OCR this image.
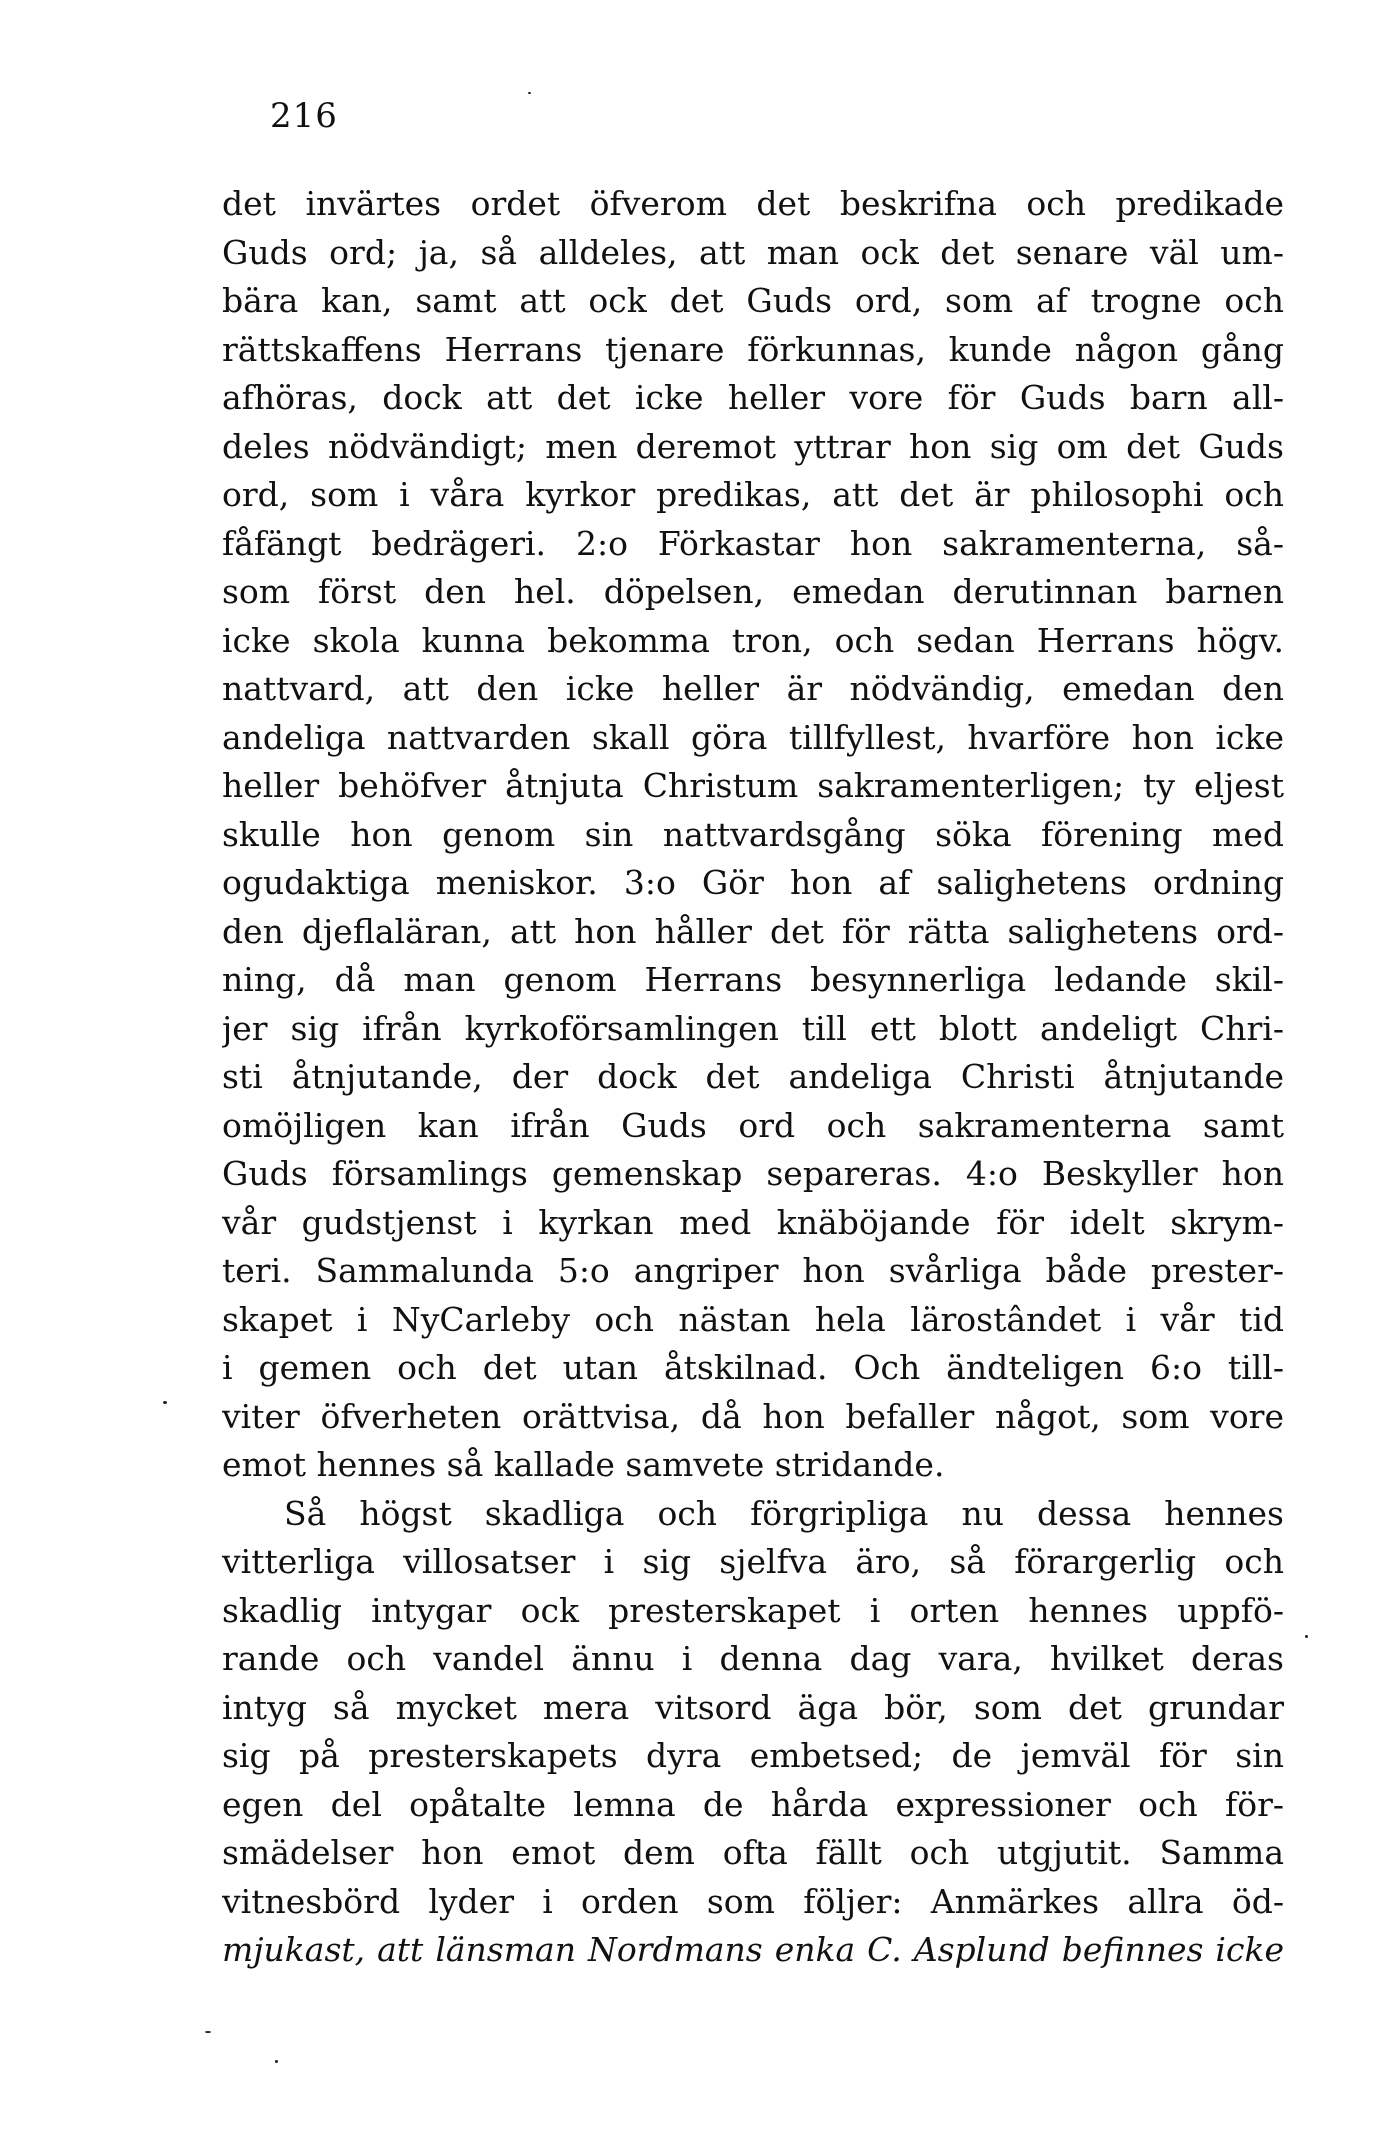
216
det invärtes ordet öfverom det beskrifna och predikade
Guds ord; ja, så alldeles, att man ock det senare väl um-
bära kan, samt att ock det Guds ord, som af trogne och
rättskaffens Herrans tjenare förkunnas, kunde någon gång
afhöras, dock att det icke heller vore för Guds barn all-
deles nödvändigt; men deremot yttrar hon sig om det Guds
ord, som i våra kyrkor predikas, att det är philosophi och
fåfängt bedrägeri. 2:o Förkastar hon sakramenterna, så-
som först den hel. döpelsen, emedan derutinnan barnen
icke skola kunna bekomma tron, och sedan Herrans högv.
nattvard, att den icke heller är nödvändig, emedan den
andeliga nattvarden skall göra tillfyllest, hvarföre hon icke
heller behöfver åtnjuta Christum sakramenterligen; ty eljest
skulle hon genom sin nattvardsgång söka förening med
ogudaktiga meniskor. 3:o Gör hon af salighetens ordning
den djeflaläran, att hon håller det för rätta salighetens ord-
ning, då man genom Herrans besynnerliga ledande skil-
jer sig ifrån kyrkoförsamlingen till ett blott andeligt Chri-
sti åtnjutande, der dock det andeliga Christi åtnjutande
omöjligen kan ifrån Guds ord och sakramenterna samt
Guds församlings gemenskap separeras. 4:o Beskyller hon
vår gudstjenst i kyrkan med knäböjande för idelt skrym-
teri. Sammalunda 5:o angriper hon svårliga både prester-
skapet i NyCarleby och nästan hela lärostândet i vår tid
i gemen och det utan åtskilnad. Och ändteligen 6:o till-
viter öfverheten orättvisa, då hon befaller något, som vore
emot hennes så kallade samvete stridande.
Så högst skadliga och förgripliga nu dessa hennes
vitterliga villosatser i sig sjelfva äro, så förargerlig och
skadlig intygar ock presterskapet i orten hennes uppfö-
rande och vandel ännu i denna dag vara, hvilket deras
intyg så mycket mera vitsord äga bör, som det grundar
sig på presterskapets dyra embetsed; de jemväl för sin
egen del opåtalte lemna de hårda expressioner och för-
smädelser hon emot dem ofta fällt och utgjutit. Samma
vitnesbörd lyder i orden som följer: Anmärkes allra öd-
mjukast, att länsman Nordmans enka C. Asplund befinnes icke
